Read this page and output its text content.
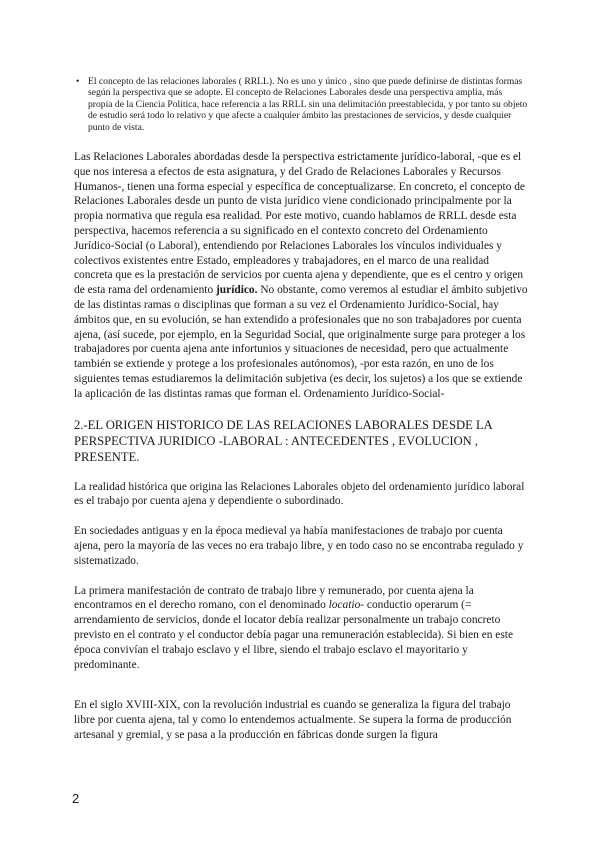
• El concepto de las relaciones laborales ( RRLL). No es uno y único , sino que puede definirse de distintas formas según la perspectiva que se adopte. El concepto de Relaciones Laborales desde una perspectiva amplia, más propia de la Ciencia Política, hace referencia a las RRLL sin una delimitación preestablecida, y por tanto su objeto de estudio será todo lo relativo y que afecte a cualquier ámbito las prestaciones de servicios, y desde cualquier punto de vista.

Las Relaciones Laborales abordadas desde la perspectiva estrictamente jurídico-laboral, -que es el que nos interesa a efectos de esta asignatura, y del Grado de Relaciones Laborales y Recursos Humanos-, tienen una forma especial y específica de conceptualizarse. En concreto, el concepto de Relaciones Laborales desde un punto de vista jurídico viene condicionado principalmente por la propia normativa que regula esa realidad. Por este motivo, cuando hablamos de RRLL desde esta perspectiva, hacemos referencia a su significado en el contexto concreto del Ordenamiento Jurídico-Social (o Laboral), entendiendo por Relaciones Laborales los vínculos individuales y colectivos existentes entre Estado, empleadores y trabajadores, en el marco de una realidad concreta que es la prestación de servicios por cuenta ajena y dependiente, que es el centro y origen de esta rama del ordenamiento jurídico. No obstante, como veremos al estudiar el ámbito subjetivo de las distintas ramas o disciplinas que forman a su vez el Ordenamiento Jurídico-Social, hay ámbitos que, en su evolución, se han extendido a profesionales que no son trabajadores por cuenta ajena, (así sucede, por ejemplo, en la Seguridad Social, que originalmente surge para proteger a los trabajadores por cuenta ajena ante infortunios y situaciones de necesidad, pero que actualmente también se extiende y protege a los profesionales autónomos), -por esta razón, en uno de los siguientes temas estudiaremos la delimitación subjetiva (es decir, los sujetos) a los que se extiende la aplicación de las distintas ramas que forman el. Ordenamiento Jurídico-Social-

2.-EL ORIGEN HISTORICO DE LAS RELACIONES LABORALES DESDE LA PERSPECTIVA JURIDICO -LABORAL : ANTECEDENTES , EVOLUCION , PRESENTE.

La realidad histórica que origina las Relaciones Laborales objeto del ordenamiento jurídico laboral es el trabajo por cuenta ajena y dependiente o subordinado.

En sociedades antiguas y en la época medieval ya había manifestaciones de trabajo por cuenta ajena, pero la mayoría de las veces no era trabajo libre, y en todo caso no se encontraba regulado y sistematizado.

La primera manifestación de contrato de trabajo libre y remunerado, por cuenta ajena la encontramos en el derecho romano, con el denominado locatio- conductio operarum (= arrendamiento de servicios, donde el locator debía realizar personalmente un trabajo concreto previsto en el contrato y el conductor debía pagar una remuneración establecida). Si bien en este época convivían el trabajo esclavo y el libre, siendo el trabajo esclavo el mayoritario y predominante.

En el siglo XVIII-XIX, con la revolución industrial es cuando se generaliza la figura del trabajo libre por cuenta ajena, tal y como lo entendemos actualmente. Se supera la forma de producción artesanal y gremial, y se pasa a la producción en fábricas donde surgen la figura

2
